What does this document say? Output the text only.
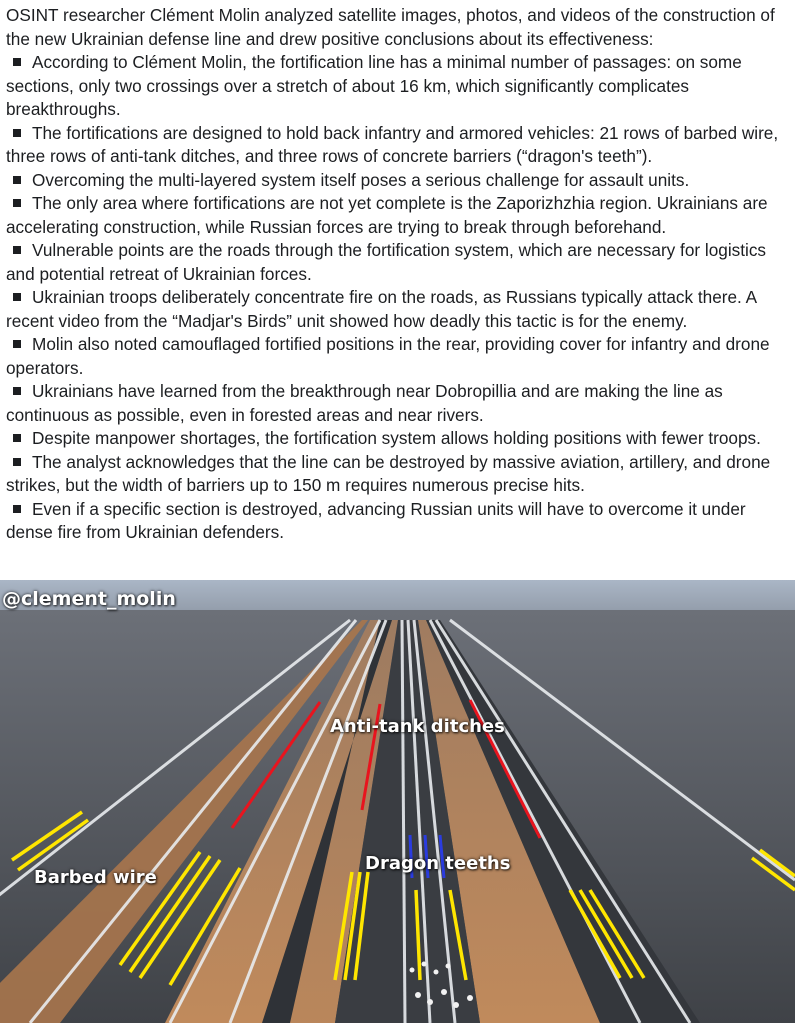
OSINT researcher Clément Molin analyzed satellite images, photos, and videos of the construction of the new Ukrainian defense line and drew positive conclusions about its effectiveness:

According to Clément Molin, the fortification line has a minimal number of passages: on some sections, only two crossings over a stretch of about 16 km, which significantly complicates breakthroughs.

The fortifications are designed to hold back infantry and armored vehicles: 21 rows of barbed wire, three rows of anti-tank ditches, and three rows of concrete barriers (“dragon's teeth”).

Overcoming the multi-layered system itself poses a serious challenge for assault units.

The only area where fortifications are not yet complete is the Zaporizhzhia region. Ukrainians are accelerating construction, while Russian forces are trying to break through beforehand.

Vulnerable points are the roads through the fortification system, which are necessary for logistics and potential retreat of Ukrainian forces.

Ukrainian troops deliberately concentrate fire on the roads, as Russians typically attack there. A recent video from the “Madjar's Birds” unit showed how deadly this tactic is for the enemy.

Molin also noted camouflaged fortified positions in the rear, providing cover for infantry and drone operators.

Ukrainians have learned from the breakthrough near Dobropillia and are making the line as continuous as possible, even in forested areas and near rivers.

Despite manpower shortages, the fortification system allows holding positions with fewer troops.

The analyst acknowledges that the line can be destroyed by massive aviation, artillery, and drone strikes, but the width of barriers up to 150 m requires numerous precise hits.

Even if a specific section is destroyed, advancing Russian units will have to overcome it under dense fire from Ukrainian defenders.

@clement_molin
Anti-tank ditches
Barbed wire
Dragon teeths
